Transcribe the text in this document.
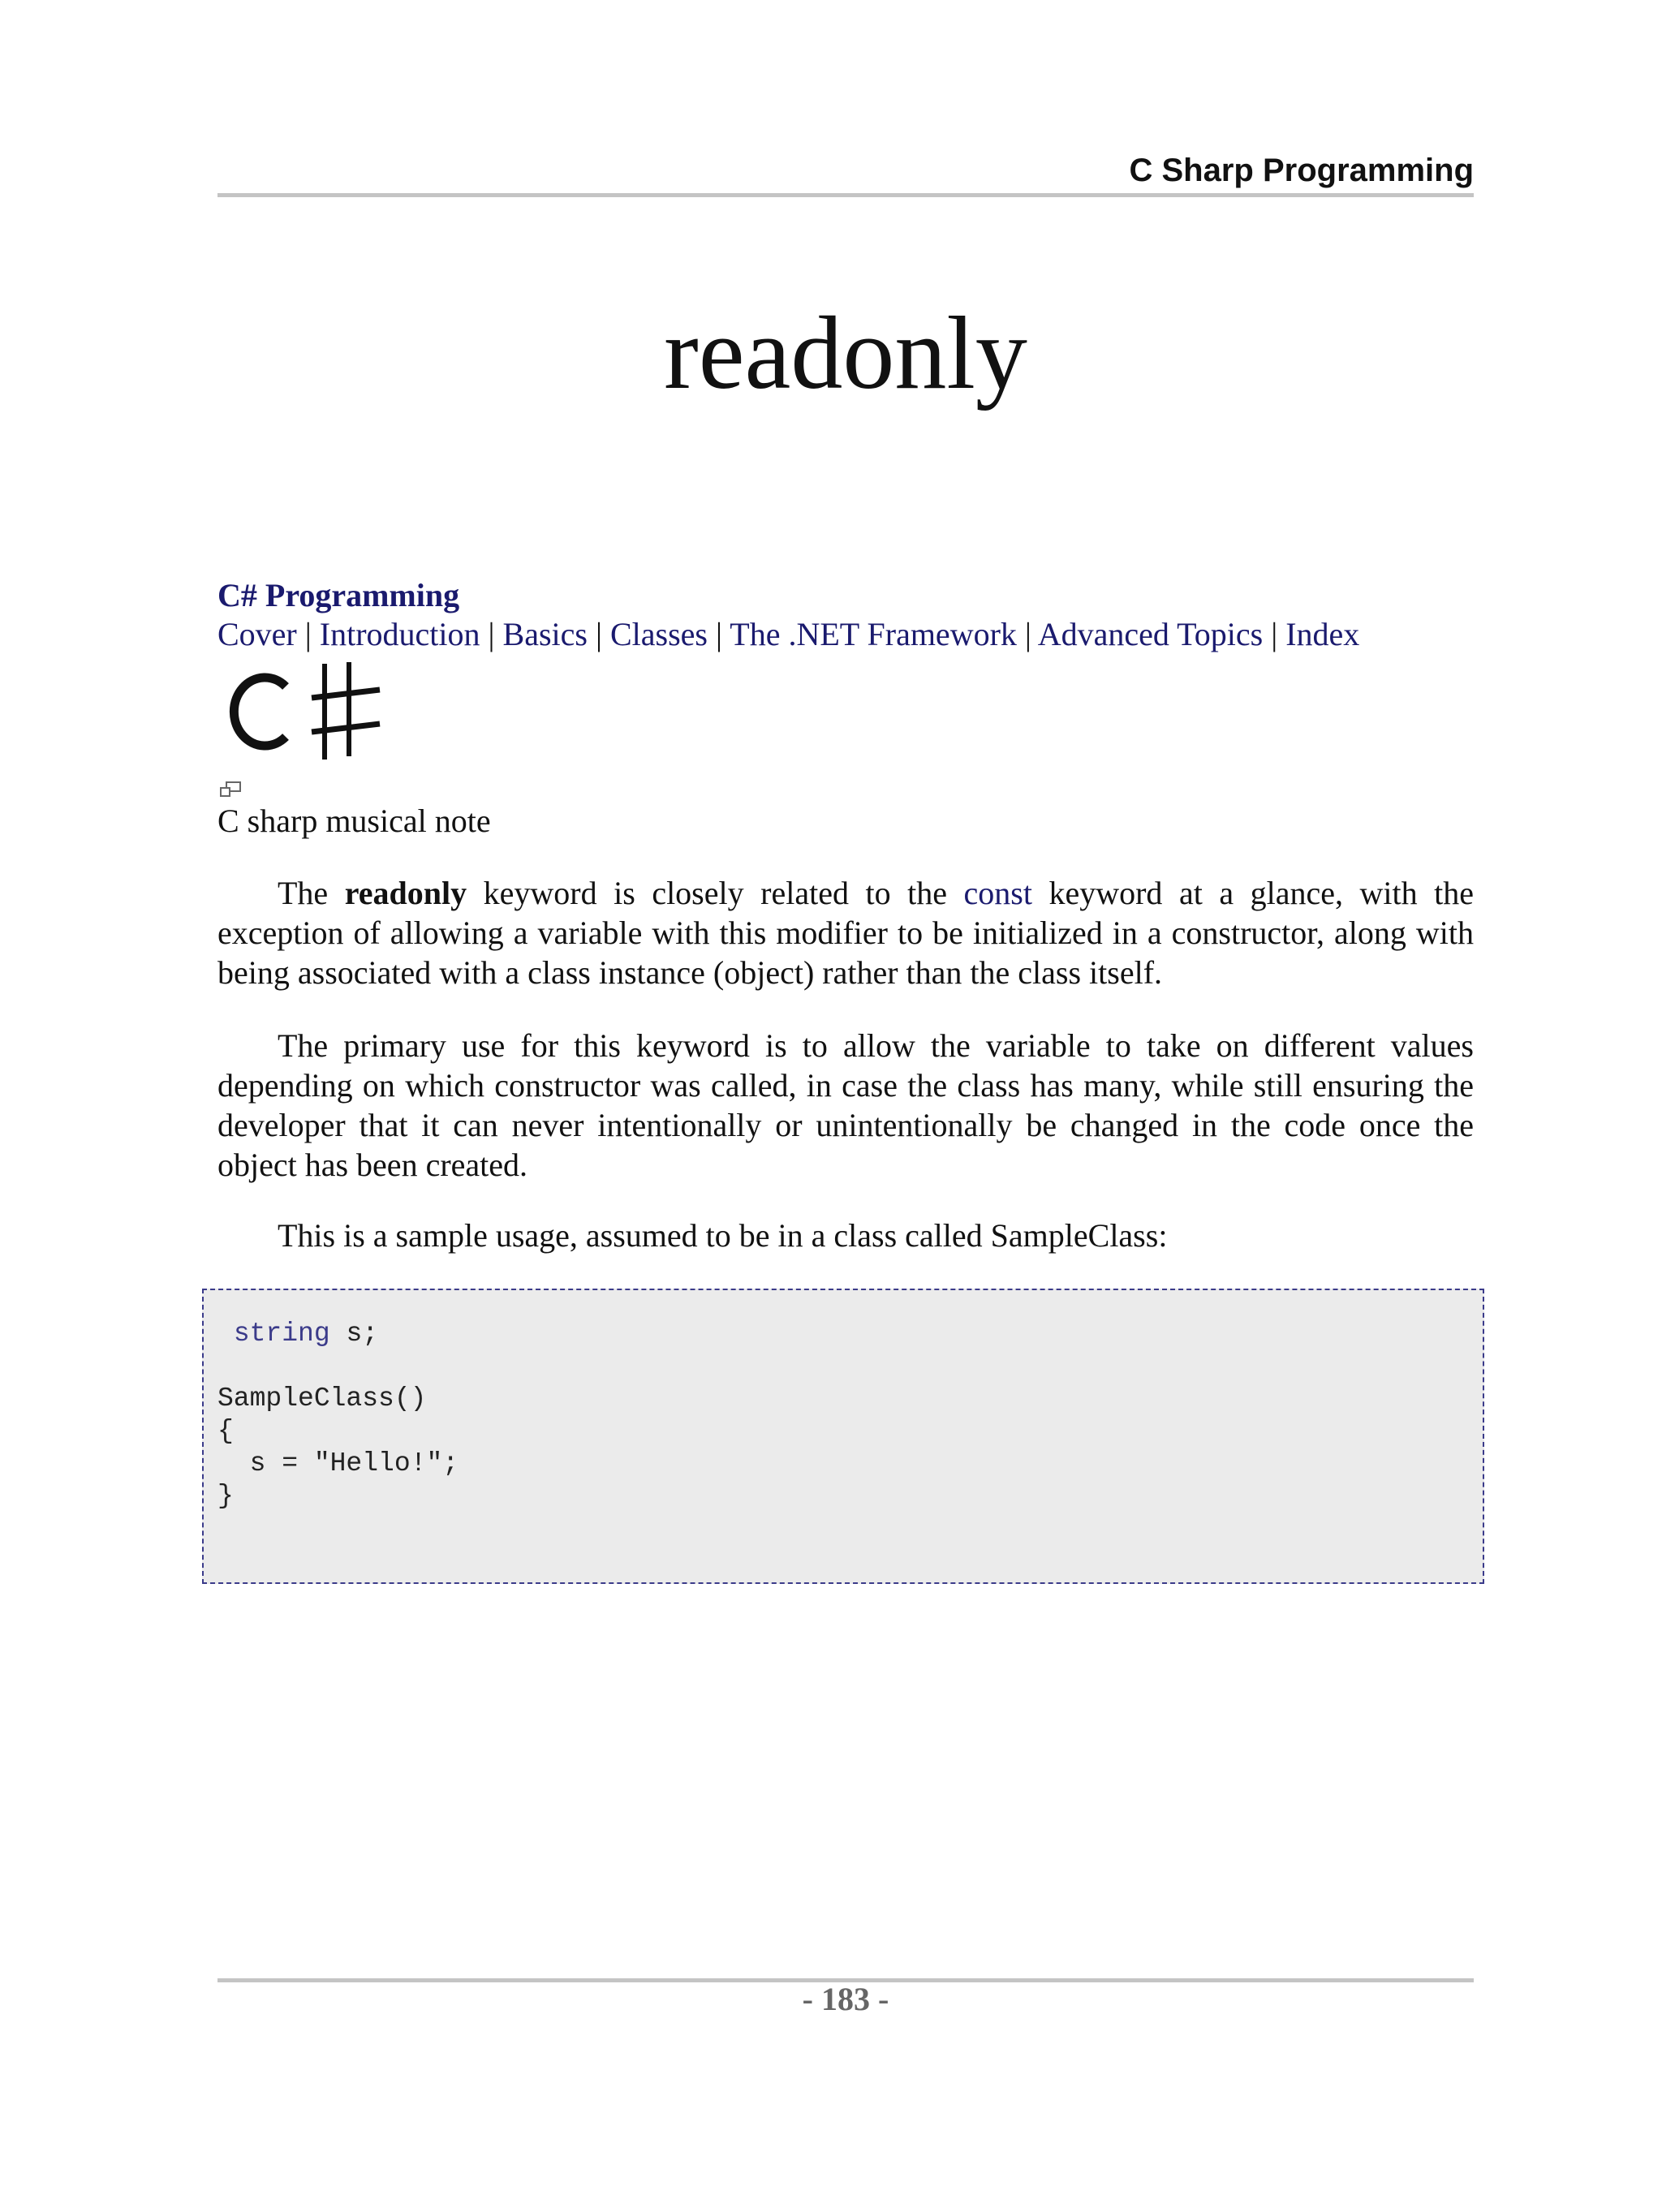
C Sharp Programming
readonly
C# Programming
Cover | Introduction | Basics | Classes | The .NET Framework | Advanced Topics | Index
C sharp musical note
The readonly keyword is closely related to the const keyword at a glance, with the exception of allowing a variable with this modifier to be initialized in a constructor, along with being associated with a class instance (object) rather than the class itself.
The primary use for this keyword is to allow the variable to take on different values depending on which constructor was called, in case the class has many, while still ensuring the developer that it can never intentionally or unintentionally be changed in the code once the object has been created.
This is a sample usage, assumed to be in a class called SampleClass:
string s;

SampleClass()
{
s = "Hello!";
}
- 183 -
